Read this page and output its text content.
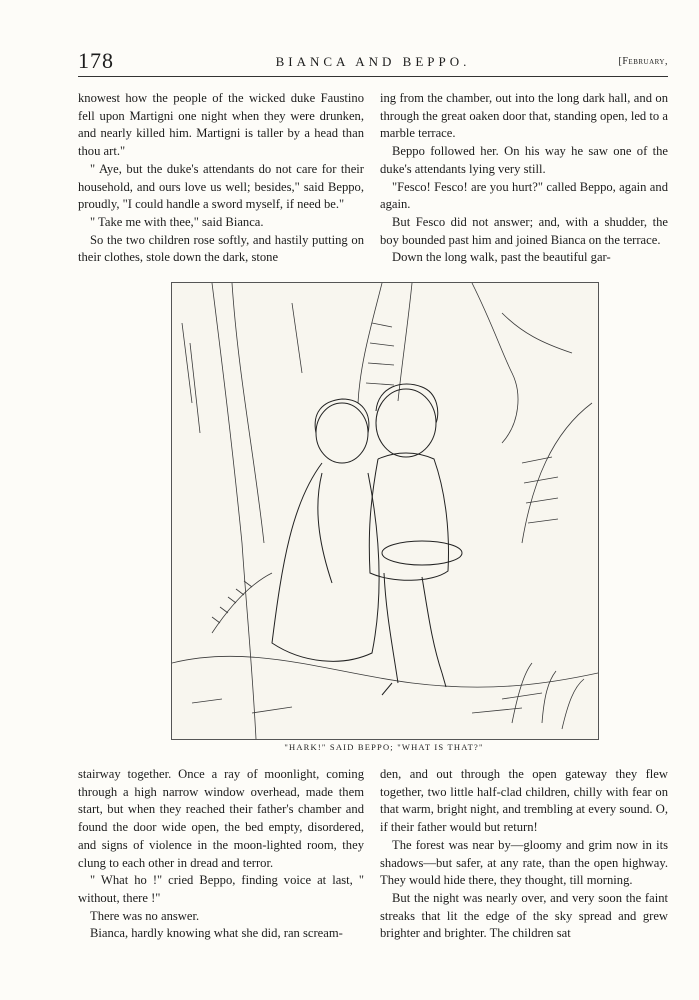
178	BIANCA AND BEPPO.	[February,

knowest how the people of the wicked duke Faustino fell upon Martigni one night when they were drunken, and nearly killed him. Martigni is taller by a head than thou art."

" Aye, but the duke's attendants do not care for their household, and ours love us well; besides," said Beppo, proudly, "I could handle a sword myself, if need be."

" Take me with thee," said Bianca.

So the two children rose softly, and hastily putting on their clothes, stole down the dark, stone

ing from the chamber, out into the long dark hall, and on through the great oaken door that, standing open, led to a marble terrace.

Beppo followed her. On his way he saw one of the duke's attendants lying very still.

"Fesco! Fesco! are you hurt?" called Beppo, again and again.

But Fesco did not answer; and, with a shudder, the boy bounded past him and joined Bianca on the terrace.

Down the long walk, past the beautiful gar-

"HARK!" SAID BEPPO; "WHAT IS THAT?"

stairway together. Once a ray of moonlight, coming through a high narrow window overhead, made them start, but when they reached their father's chamber and found the door wide open, the bed empty, disordered, and signs of violence in the moon-lighted room, they clung to each other in dread and terror.

" What ho !" cried Beppo, finding voice at last, " without, there !"

There was no answer.

Bianca, hardly knowing what she did, ran scream-

den, and out through the open gateway they flew together, two little half-clad children, chilly with fear on that warm, bright night, and trembling at every sound. O, if their father would but return!

The forest was near by—gloomy and grim now in its shadows—but safer, at any rate, than the open highway. They would hide there, they thought, till morning.

But the night was nearly over, and very soon the faint streaks that lit the edge of the sky spread and grew brighter and brighter. The children sat
